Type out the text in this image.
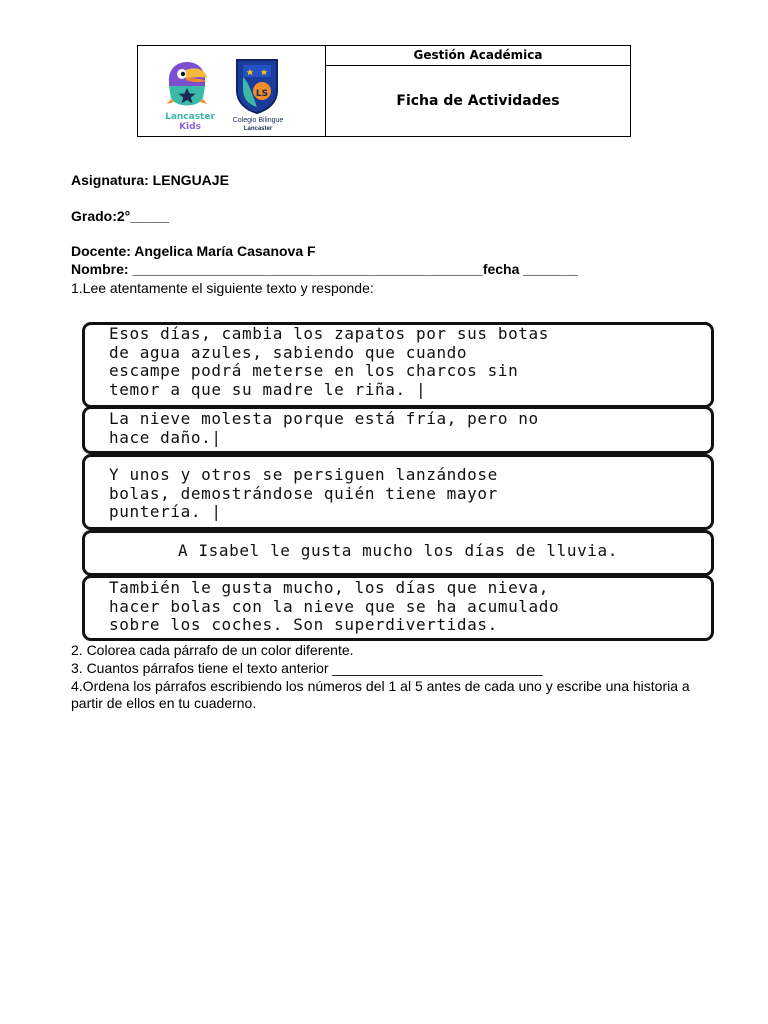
Lancaster
Kids
LS
Colegio Bilingue
Lancaster
Gestión Académica
Ficha de Actividades
Asignatura: LENGUAJE
Grado:2°_____
Docente: Angelica María Casanova F
Nombre: _____________________________________________fecha _______
1.Lee atentamente el siguiente texto y responde:
Esos días, cambia los zapatos por sus botas
de agua azules, sabiendo que cuando
escampe podrá meterse en los charcos sin
temor a que su madre le riña. |
La nieve molesta porque está fría, pero no
hace daño.|
Y unos y otros se persiguen lanzándose
bolas, demostrándose quién tiene mayor
puntería. |
A Isabel le gusta mucho los días de lluvia.
También le gusta mucho, los días que nieva,
hacer bolas con la nieve que se ha acumulado
sobre los coches. Son superdivertidas.
2. Colorea cada párrafo de un color diferente.
3. Cuantos párrafos tiene el texto anterior ___________________________
4.Ordena los párrafos escribiendo los números del 1 al 5 antes de cada uno y escribe una historia a partir de ellos en tu cuaderno.
